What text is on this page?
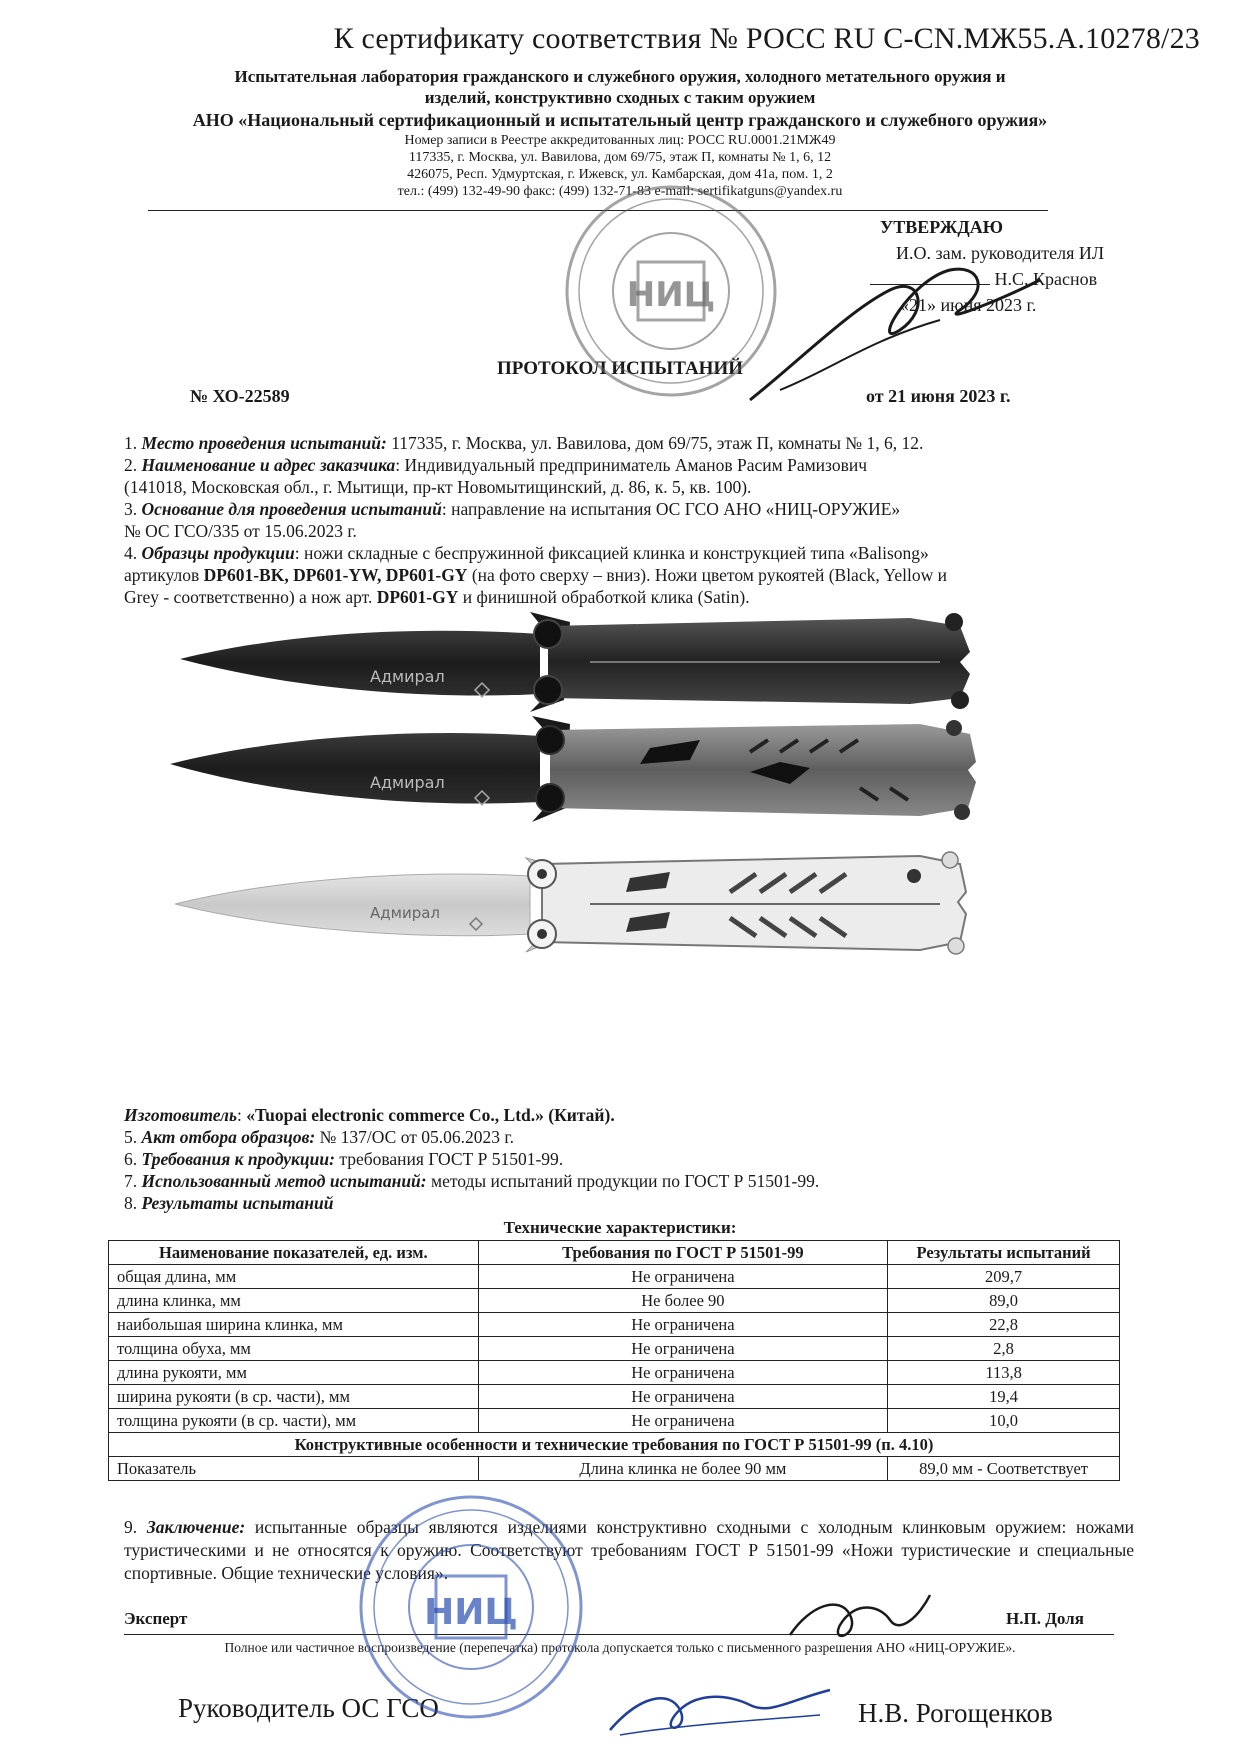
К сертификату соответствия № РОСС RU С-CN.МЖ55.А.10278/23
Испытательная лаборатория гражданского и служебного оружия, холодного метательного оружия и
изделий, конструктивно сходных с таким оружием
АНО «Национальный сертификационный и испытательный центр гражданского и служебного оружия»
Номер записи в Реестре аккредитованных лиц: РОСС RU.0001.21МЖ49
117335, г. Москва, ул. Вавилова, дом 69/75, этаж П, комнаты № 1, 6, 12
426075, Респ. Удмуртская, г. Ижевск, ул. Камбарская, дом 41а, пом. 1, 2
тел.: (499) 132-49-90 факс: (499) 132-71-83 e-mail: sertifikatguns@yandex.ru
УТВЕРЖДАЮ
И.О. зам. руководителя ИЛ
Н.С. Краснов
«21» июня 2023 г.
ПРОТОКОЛ ИСПЫТАНИЙ
№ ХО-22589	от 21 июня 2023 г.

1. Место проведения испытаний: 117335, г. Москва, ул. Вавилова, дом 69/75, этаж П, комнаты № 1, 6, 12.

2. Наименование и адрес заказчика: Индивидуальный предприниматель Аманов Расим Рамизович

(141018, Московская обл., г. Мытищи, пр-кт Новомытищинский, д. 86, к. 5, кв. 100).

3. Основание для проведения испытаний: направление на испытания ОС ГСО АНО «НИЦ-ОРУЖИЕ»

№ ОС ГСО/335 от 15.06.2023 г.

4. Образцы продукции: ножи складные с беспружинной фиксацией клинка и конструкцией типа «Balisong»

артикулов DP601-BK, DP601-YW, DP601-GY (на фото сверху – вниз). Ножи цветом рукоятей (Black, Yellow и

Grey - соответственно) а нож арт. DP601-GY и финишной обработкой клика (Satin).

Адмирал
Адмирал
Адмирал

Изготовитель: «Tuopai electronic commerce Co., Ltd.» (Китай).

5. Акт отбора образцов: № 137/ОС от 05.06.2023 г.

6. Требования к продукции: требования ГОСТ Р 51501-99.

7. Использованный метод испытаний: методы испытаний продукции по ГОСТ Р 51501-99.

8. Результаты испытаний

Технические характеристики:
Наименование показателей, ед. изм.	Требования по ГОСТ Р 51501-99	Результаты испытаний
общая длина, мм	Не ограничена	209,7
длина клинка, мм	Не более 90	89,0
наибольшая ширина клинка, мм	Не ограничена	22,8
толщина обуха, мм	Не ограничена	2,8
длина рукояти, мм	Не ограничена	113,8
ширина рукояти (в ср. части), мм	Не ограничена	19,4
толщина рукояти (в ср. части), мм	Не ограничена	10,0
Конструктивные особенности и технические требования по ГОСТ Р 51501-99 (п. 4.10)		
Показатель	Длина клинка не более 90 мм	89,0 мм - Соответствует
9. Заключение: испытанные образцы являются изделиями конструктивно сходными с холодным клинковым оружием: ножами туристическими и не относятся к оружию. Соответствуют требованиям ГОСТ Р 51501-99 «Ножи туристические и специальные спортивные. Общие технические условия».
Эксперт	Н.П. Доля
Полное или частичное воспроизведение (перепечатка) протокола допускается только с письменного разрешения АНО «НИЦ-ОРУЖИЕ».
Руководитель ОС ГСО	Н.В. Рогощенков
НИЦ
НИЦ
